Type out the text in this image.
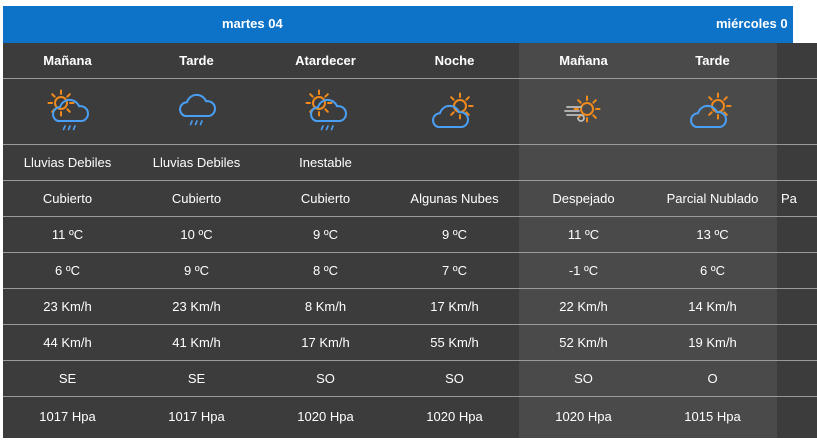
martes 04	miércoles 0
Mañana
Lluvias Debiles
Cubierto
11 ºC
6 ºC
23 Km/h
44 Km/h
SE
1017 Hpa
Tarde
Lluvias Debiles
Cubierto
10 ºC
9 ºC
23 Km/h
41 Km/h
SE
1017 Hpa
Atardecer
Inestable
Cubierto
9 ºC
8 ºC
8 Km/h
17 Km/h
SO
1020 Hpa
Noche
Algunas Nubes
9 ºC
7 ºC
17 Km/h
55 Km/h
SO
1020 Hpa
Mañana
Despejado
11 ºC
-1 ºC
22 Km/h
52 Km/h
SO
1020 Hpa
Tarde
Parcial Nublado
13 ºC
6 ºC
14 Km/h
19 Km/h
O
1015 Hpa
Pa
